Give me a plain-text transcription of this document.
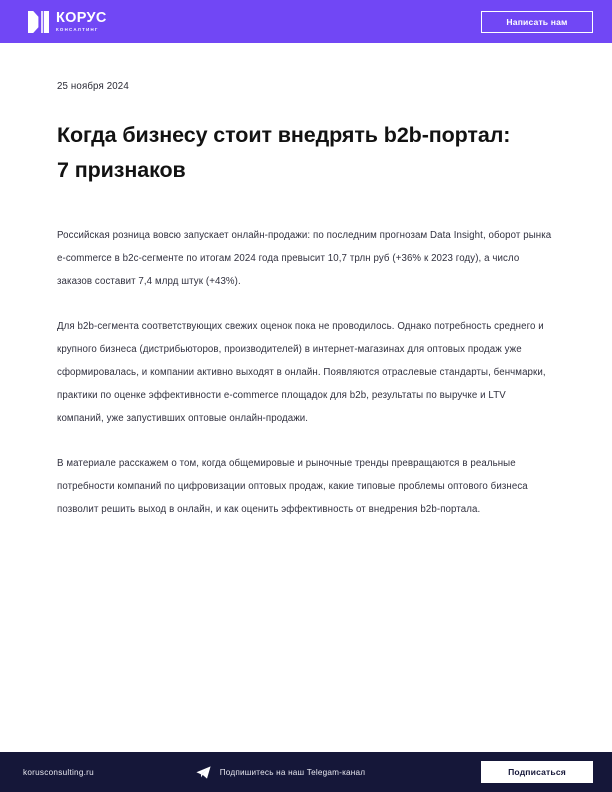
КОРУС
КОНСАЛТИНГ
Написать нам
25 ноября 2024
Когда бизнесу стоит внедрять b2b-портал: 7 признаков

Российская розница вовсю запускает онлайн-продажи: по последним прогнозам Data Insight, оборот рынка e-commerce в b2c-сегменте по итогам 2024 года превысит 10,7 трлн руб (+36% к 2023 году), а число заказов составит 7,4 млрд штук (+43%).

Для b2b-сегмента соответствующих свежих оценок пока не проводилось. Однако потребность среднего и крупного бизнеса (дистрибьюторов, производителей) в интернет-магазинах для оптовых продаж уже сформировалась, и компании активно выходят в онлайн. Появляются отраслевые стандарты, бенчмарки, практики по оценке эффективности e-commerce площадок для b2b, результаты по выручке и LTV компаний, уже запустивших оптовые онлайн-продажи.

В материале расскажем о том, когда общемировые и рыночные тренды превращаются в реальные потребности компаний по цифровизации оптовых продаж, какие типовые проблемы оптового бизнеса позволит решить выход в онлайн, и как оценить эффективность от внедрения b2b-портала.

korusconsulting.ru	Подпишитесь на наш Telegam-канал	Подписаться
